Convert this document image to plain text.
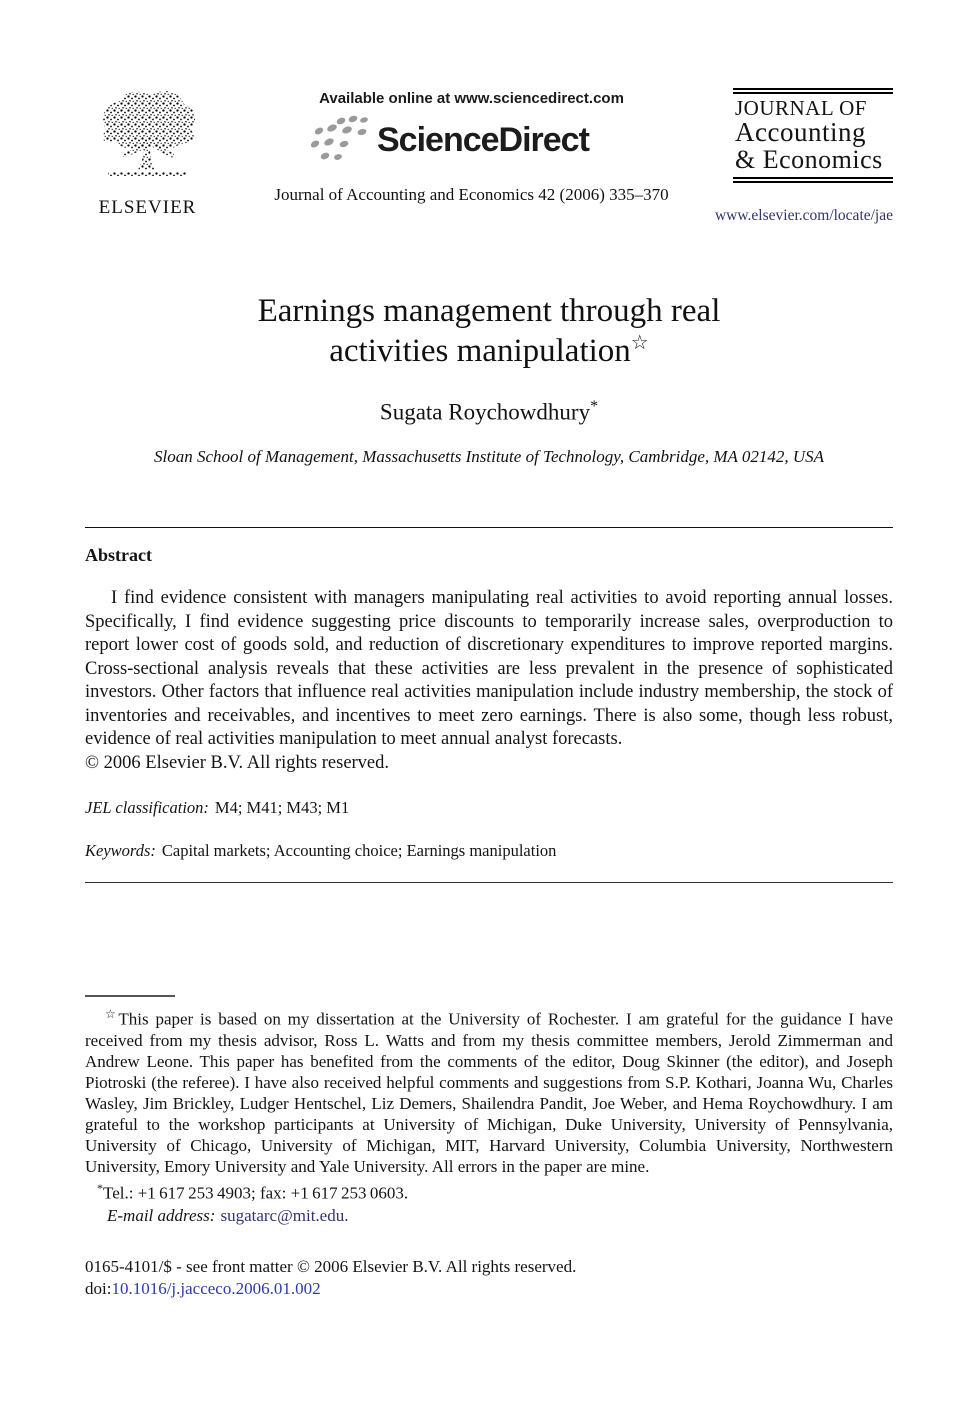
ELSEVIER
Available online at www.sciencedirect.com
ScienceDirect
Journal of Accounting and Economics 42 (2006) 335–370
JOURNAL OF
Accounting
& Economics
www.elsevier.com/locate/jae
Earnings management through real
activities manipulation☆
Sugata Roychowdhury*
Sloan School of Management, Massachusetts Institute of Technology, Cambridge, MA 02142, USA
Abstract

I find evidence consistent with managers manipulating real activities to avoid reporting annual losses. Specifically, I find evidence suggesting price discounts to temporarily increase sales, overproduction to report lower cost of goods sold, and reduction of discretionary expenditures to improve reported margins. Cross-sectional analysis reveals that these activities are less prevalent in the presence of sophisticated investors. Other factors that influence real activities manipulation include industry membership, the stock of inventories and receivables, and incentives to meet zero earnings. There is also some, though less robust, evidence of real activities manipulation to meet annual analyst forecasts.

© 2006 Elsevier B.V. All rights reserved.
JEL classification: M4; M41; M43; M1
Keywords: Capital markets; Accounting choice; Earnings manipulation

☆This paper is based on my dissertation at the University of Rochester. I am grateful for the guidance I have received from my thesis advisor, Ross L. Watts and from my thesis committee members, Jerold Zimmerman and Andrew Leone. This paper has benefited from the comments of the editor, Doug Skinner (the editor), and Joseph Piotroski (the referee). I have also received helpful comments and suggestions from S.P. Kothari, Joanna Wu, Charles Wasley, Jim Brickley, Ludger Hentschel, Liz Demers, Shailendra Pandit, Joe Weber, and Hema Roychowdhury. I am grateful to the workshop participants at University of Michigan, Duke University, University of Pennsylvania, University of Chicago, University of Michigan, MIT, Harvard University, Columbia University, Northwestern University, Emory University and Yale University. All errors in the paper are mine.

*Tel.: +1 617 253 4903; fax: +1 617 253 0603.
E-mail address: sugatarc@mit.edu.
0165-4101/$ - see front matter © 2006 Elsevier B.V. All rights reserved.
doi:10.1016/j.jacceco.2006.01.002
